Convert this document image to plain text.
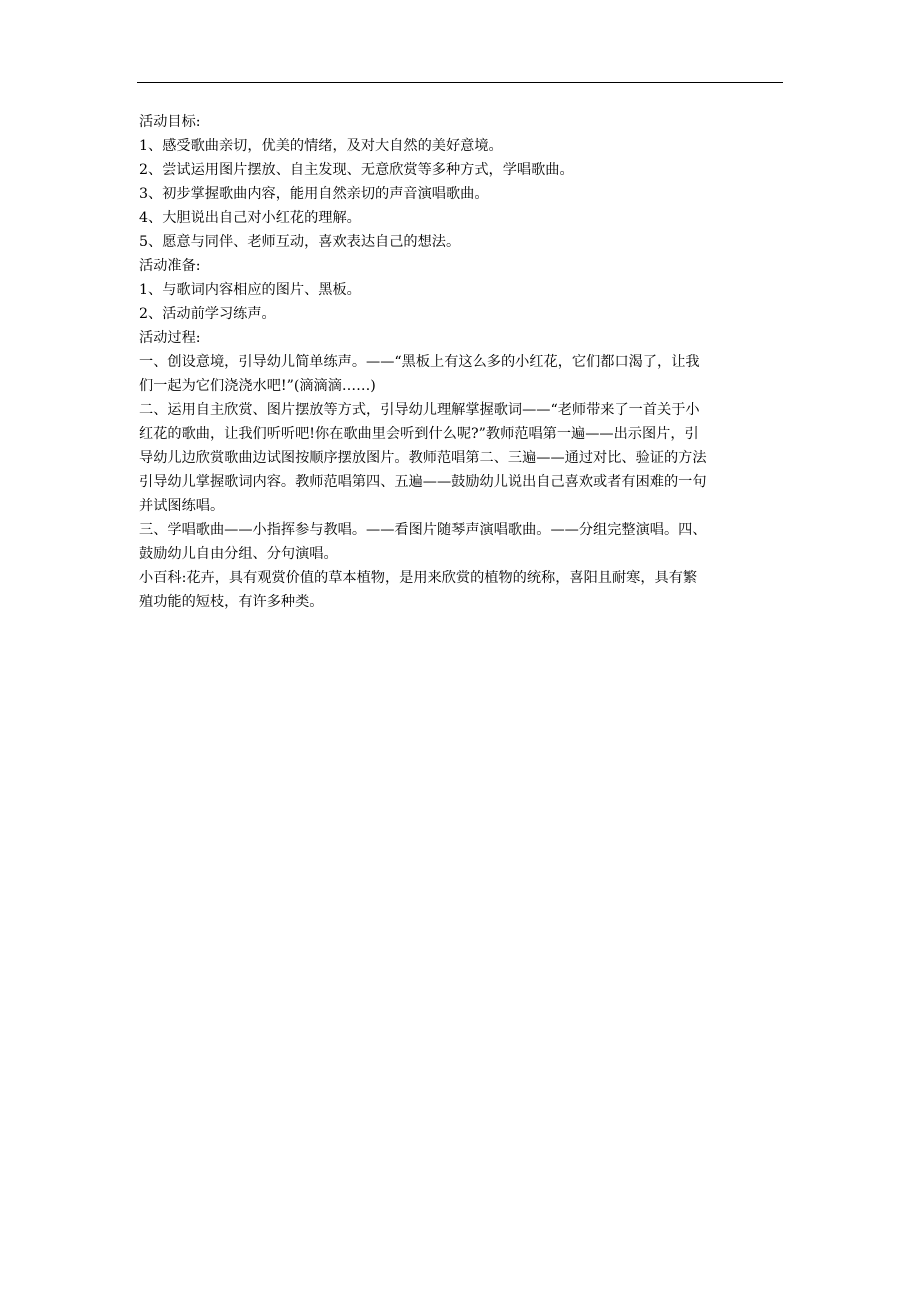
活动目标:
1、感受歌曲亲切，优美的情绪，及对大自然的美好意境。
2、尝试运用图片摆放、自主发现、无意欣赏等多种方式，学唱歌曲。
3、初步掌握歌曲内容，能用自然亲切的声音演唱歌曲。
4、大胆说出自己对小红花的理解。
5、愿意与同伴、老师互动，喜欢表达自己的想法。
活动准备:
1、与歌词内容相应的图片、黑板。
2、活动前学习练声。
活动过程:
一、创设意境，引导幼儿简单练声。——“黑板上有这么多的小红花，它们都口渴了，让我
们一起为它们浇浇水吧!”(滴滴滴……)
二、运用自主欣赏、图片摆放等方式，引导幼儿理解掌握歌词——“老师带来了一首关于小
红花的歌曲，让我们听听吧!你在歌曲里会听到什么呢?”教师范唱第一遍——出示图片，引
导幼儿边欣赏歌曲边试图按顺序摆放图片。教师范唱第二、三遍——通过对比、验证的方法
引导幼儿掌握歌词内容。教师范唱第四、五遍——鼓励幼儿说出自己喜欢或者有困难的一句
并试图练唱。
三、学唱歌曲——小指挥参与教唱。——看图片随琴声演唱歌曲。——分组完整演唱。四、
鼓励幼儿自由分组、分句演唱。
小百科:花卉，具有观赏价值的草本植物，是用来欣赏的植物的统称，喜阳且耐寒，具有繁
殖功能的短枝，有许多种类。
